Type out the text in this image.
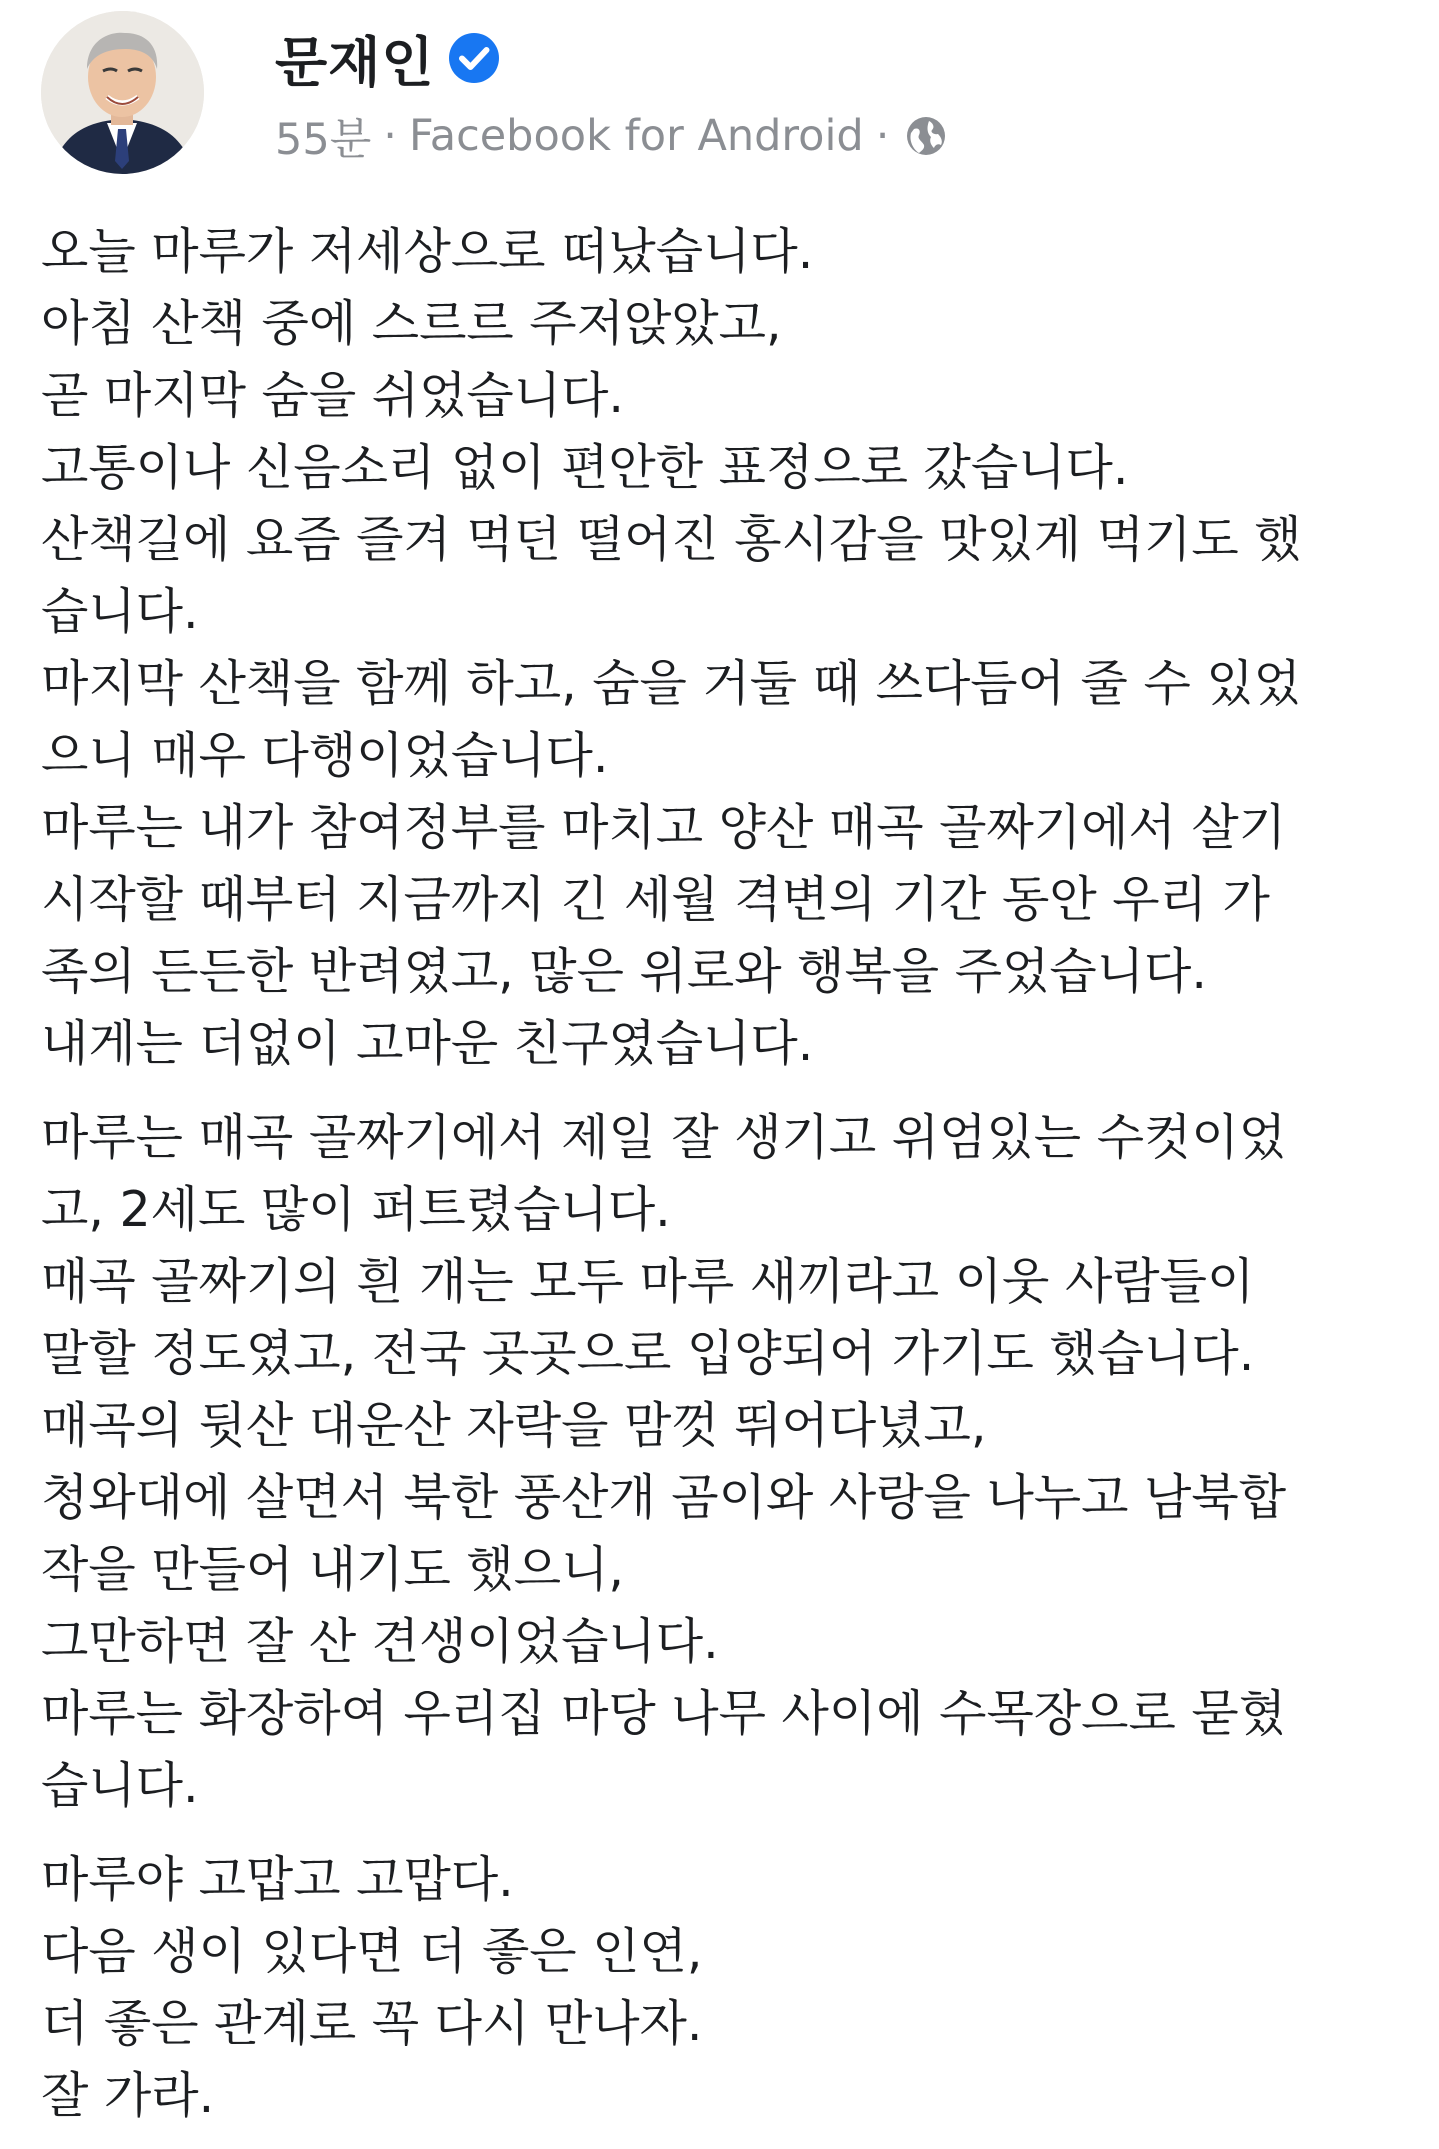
문재인
55분 · Facebook for Android ·
오늘 마루가 저세상으로 떠났습니다.
아침 산책 중에 스르르 주저앉았고,
곧 마지막 숨을 쉬었습니다.
고통이나 신음소리 없이 편안한 표정으로 갔습니다.
산책길에 요즘 즐겨 먹던 떨어진 홍시감을 맛있게 먹기도 했
습니다.
마지막 산책을 함께 하고, 숨을 거둘 때 쓰다듬어 줄 수 있었
으니 매우 다행이었습니다.
마루는 내가 참여정부를 마치고 양산 매곡 골짜기에서 살기
시작할 때부터 지금까지 긴 세월 격변의 기간 동안 우리 가
족의 든든한 반려였고, 많은 위로와 행복을 주었습니다.
내게는 더없이 고마운 친구였습니다.
마루는 매곡 골짜기에서 제일 잘 생기고 위엄있는 수컷이었
고, 2세도 많이 퍼트렸습니다.
매곡 골짜기의 흰 개는 모두 마루 새끼라고 이웃 사람들이
말할 정도였고, 전국 곳곳으로 입양되어 가기도 했습니다.
매곡의 뒷산 대운산 자락을 맘껏 뛰어다녔고,
청와대에 살면서 북한 풍산개 곰이와 사랑을 나누고 남북합
작을 만들어 내기도 했으니,
그만하면 잘 산 견생이었습니다.
마루는 화장하여 우리집 마당 나무 사이에 수목장으로 묻혔
습니다.
마루야 고맙고 고맙다.
다음 생이 있다면 더 좋은 인연,
더 좋은 관계로 꼭 다시 만나자.
잘 가라.
